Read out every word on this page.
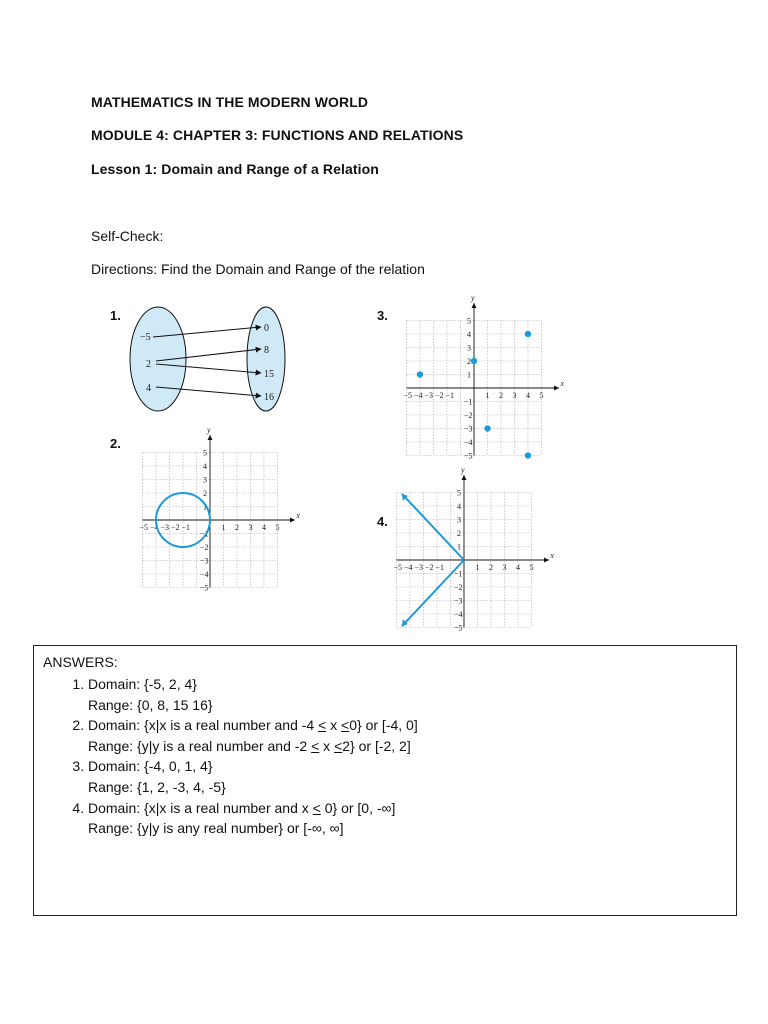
MATHEMATICS IN THE MODERN WORLD
MODULE 4: CHAPTER 3: FUNCTIONS AND RELATIONS
Lesson 1: Domain and Range of a Relation
Self-Check:
Directions: Find the Domain and Range of the relation
1.
2.
3.
4.
−5
2
4
0
8
15
16
x
y
1 2 3 4 5
−5 −4 −3 −2 −1
1
2
3
4
5
−1
−2
−3
−4
−5
x
y
1 2 3 4 5
−5 −4 −3 −2 −1
1
2
3
4
5
−1
−2
−3
−4
−5
x
y
1 2 3 4 5
−5 −4 −3 −2 −1
1
2
3
4
5
−1
−2
−3
−4
−5
ANSWERS:
1. Domain: {-5, 2, 4}
Range: {0, 8, 15 16}
2. Domain: {x|x is a real number and -4 ≤ x ≤0} or [-4, 0]
Range: {y|y is a real number and -2 ≤ x ≤2} or [-2, 2]
3. Domain: {-4, 0, 1, 4}
Range: {1, 2, -3, 4, -5}
4. Domain: {x|x is a real number and x ≤ 0} or [0, -∞]
Range: {y|y is any real number} or [-∞, ∞]
